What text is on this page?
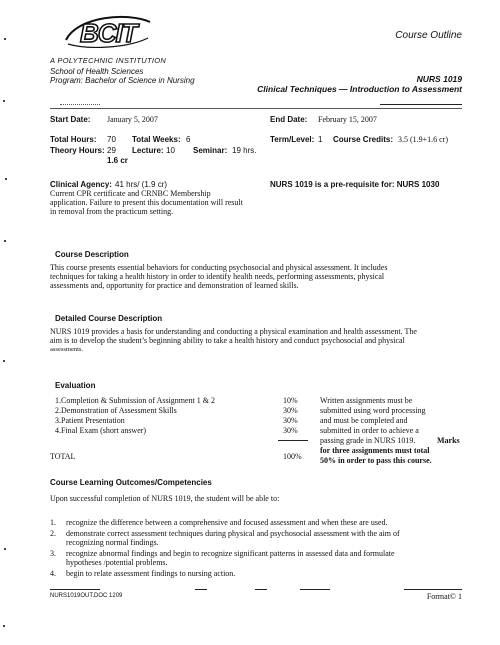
BCIT
A POLYTECHNIC INSTITUTION
Course Outline
School of Health Sciences
Program: Bachelor of Science in Nursing	NURS 1019
Clinical Techniques — Introduction to Assessment
Start Date: January 5, 2007	End Date: February 15, 2007
Total Hours: 70 Total Weeks: 6	Term/Level: 1 Course Credits: 3.5 (1.9+1.6 cr)
Theory Hours: 29 Lecture: 10 Seminar: 19 hrs.
1.6 cr
Clinical Agency: 41 hrs/ (1.9 cr)	NURS 1019 is a pre-requisite for: NURS 1030
Current CPR certificate and CRNBC Membership
application. Failure to present this documentation will result
in removal from the practicum setting.
Course Description
This course presents essential behaviors for conducting psychosocial and physical assessment. It includes
techniques for taking a health history in order to identify health needs, performing assessments, physical
assessments and, opportunity for practice and demonstration of learned skills.
Detailed Course Description
NURS 1019 provides a basis for understanding and conducting a physical examination and health assessment. The
aim is to develop the student’s beginning ability to take a health history and conduct psychosocial and physical
assessments.
Evaluation
1.Completion & Submission of Assignment 1 & 2	10%
2.Demonstration of Assessment Skills	30%
3.Patient Presentation	30%
4.Final Exam (short answer)	30%
TOTAL	100%
Written assignments must be
submitted using word processing
and must be completed and
submitted in order to achieve a
passing grade in NURS 1019.	Marks
for three assignments must total
50% in order to pass this course.
Course Learning Outcomes/Competencies
Upon successful completion of NURS 1019, the student will be able to:
1. recognize the difference between a comprehensive and focused assessment and when these are used.
2. demonstrate correct assessment techniques during physical and psychosocial assessment with the aim of
recognizing normal findings.
3. recognize abnormal findings and begin to recognize significant patterns in assessed data and formulate
hypotheses /potential problems.
4. begin to relate assessment findings to nursing action.
NURS1019OUT.DOC 1209	Format© 1
